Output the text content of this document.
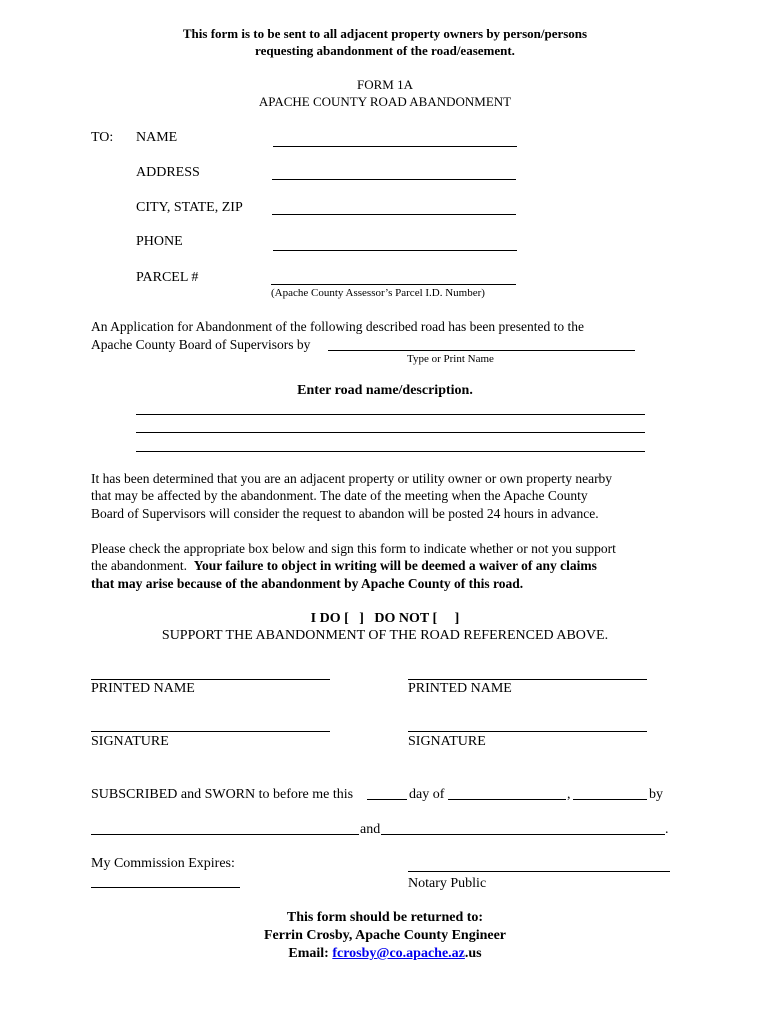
This form is to be sent to all adjacent property owners by person/persons
requesting abandonment of the road/easement.
FORM 1A
APACHE COUNTY ROAD ABANDONMENT
TO: NAME
ADDRESS
CITY, STATE, ZIP
PHONE
PARCEL #
(Apache County Assessor’s Parcel I.D. Number)
An Application for Abandonment of the following described road has been presented to the
Apache County Board of Supervisors by
Type or Print Name
Enter road name/description.
It has been determined that you are an adjacent property or utility owner or own property nearby
that may be affected by the abandonment. The date of the meeting when the Apache County
Board of Supervisors will consider the request to abandon will be posted 24 hours in advance.
Please check the appropriate box below and sign this form to indicate whether or not you support
the abandonment.  Your failure to object in writing will be deemed a waiver of any claims
that may arise because of the abandonment by Apache County of this road.
I DO [   ] DO NOT [     ]
SUPPORT THE ABANDONMENT OF THE ROAD REFERENCED ABOVE.
PRINTED NAME	PRINTED NAME
SIGNATURE	SIGNATURE
SUBSCRIBED and SWORN to before me this	day of	,	by
and	.
My Commission Expires:
Notary Public
This form should be returned to:
Ferrin Crosby, Apache County Engineer
Email: fcrosby@co.apache.az.us
